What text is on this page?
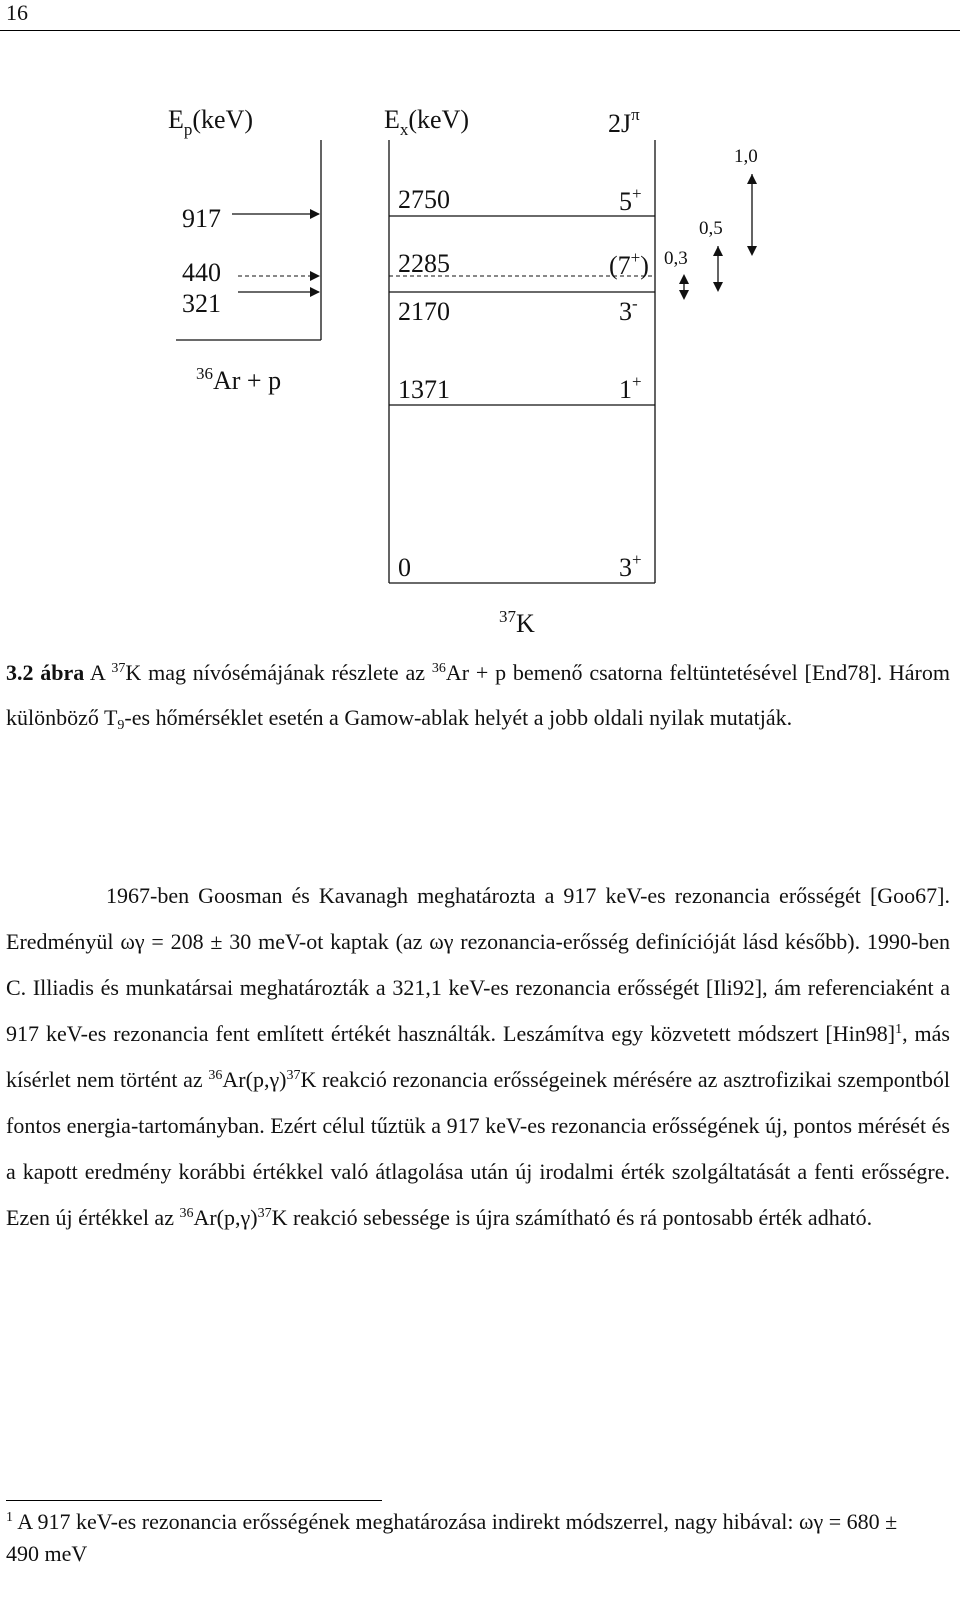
16
$E_p(keV)$	$E_x(keV)$	$2J^\pi$
917
440
321
$^{36}$Ar + p
2750
2285
2170
1371
0
5+
(7+)
3-
1+
3+
$^{37}$K
0,3
0,5
1,0
3.2 ábra A $^{37}$K mag nívósémájának részlete az $^{36}$Ar + p bemenő csatorna feltüntetésével [End78]. Három különböző $T_9-es$ hőmérséklet esetén a Gamow-ablak helyét a jobb oldali nyilak mutatják.

1967-ben Goosman és Kavanagh meghatározta a 917 keV-es rezonancia erősségét [Goo67]. Eredményül ωγ = 208 ± 30 meV-ot kaptak (az ωγ rezonancia-erősség definícióját lásd később). 1990-ben C. Illiadis és munkatársai meghatározták a 321,1 keV-es rezonancia erősségét [Ili92], ám referenciaként a 917 keV-es rezonancia fent említett értékét használták. Leszámítva egy közvetett módszert $[Hin98]^1$, más kísérlet nem történt az $^{36}Ar(p,\gamma)^{37}K$ reakció rezonancia erősségeinek mérésére az asztrofizikai szempontból fontos energia-tartományban. Ezért célul tűztük a 917 keV-es rezonancia erősségének új, pontos mérését és a kapott eredmény korábbi értékkel való átlagolása után új irodalmi érték szolgáltatását a fenti erősségre. Ezen új értékkel az $^{36}Ar(p,\gamma)^{37}K$ reakció sebessége is újra számítható és rá pontosabb érték adható.

$^1$ A 917 keV-es rezonancia erősségének meghatározása indirekt módszerrel, nagy hibával: ωγ = 680 ± 490 meV
